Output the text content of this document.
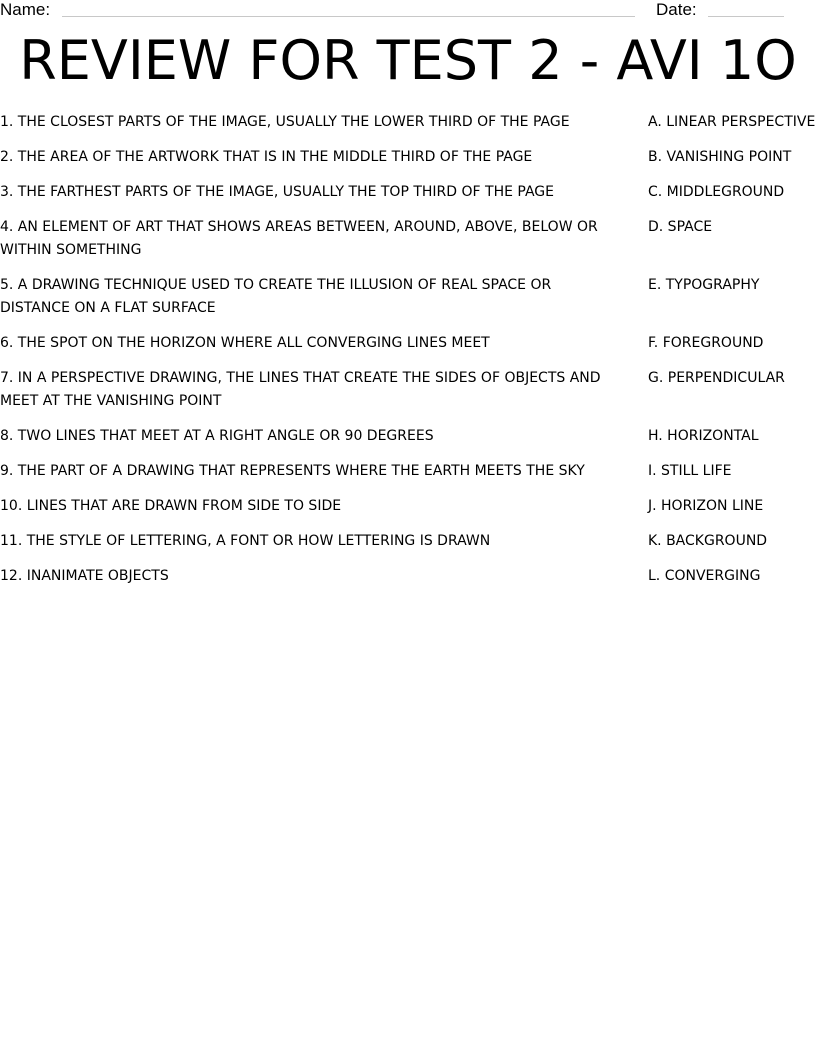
Name:	Date:
REVIEW FOR TEST 2 - AVI 1O
1. THE CLOSEST PARTS OF THE IMAGE, USUALLY THE LOWER THIRD OF THE PAGE	A. LINEAR PERSPECTIVE
2. THE AREA OF THE ARTWORK THAT IS IN THE MIDDLE THIRD OF THE PAGE	B. VANISHING POINT
3. THE FARTHEST PARTS OF THE IMAGE, USUALLY THE TOP THIRD OF THE PAGE	C. MIDDLEGROUND
4. AN ELEMENT OF ART THAT SHOWS AREAS BETWEEN, AROUND, ABOVE, BELOW OR WITHIN SOMETHING
D. SPACE
5. A DRAWING TECHNIQUE USED TO CREATE THE ILLUSION OF REAL SPACE OR DISTANCE ON A FLAT SURFACE
E. TYPOGRAPHY
6. THE SPOT ON THE HORIZON WHERE ALL CONVERGING LINES MEET	F. FOREGROUND
7. IN A PERSPECTIVE DRAWING, THE LINES THAT CREATE THE SIDES OF OBJECTS AND MEET AT THE VANISHING POINT
G. PERPENDICULAR
8. TWO LINES THAT MEET AT A RIGHT ANGLE OR 90 DEGREES	H. HORIZONTAL
9. THE PART OF A DRAWING THAT REPRESENTS WHERE THE EARTH MEETS THE SKY	I. STILL LIFE
10. LINES THAT ARE DRAWN FROM SIDE TO SIDE	J. HORIZON LINE
11. THE STYLE OF LETTERING, A FONT OR HOW LETTERING IS DRAWN	K. BACKGROUND
12. INANIMATE OBJECTS	L. CONVERGING
